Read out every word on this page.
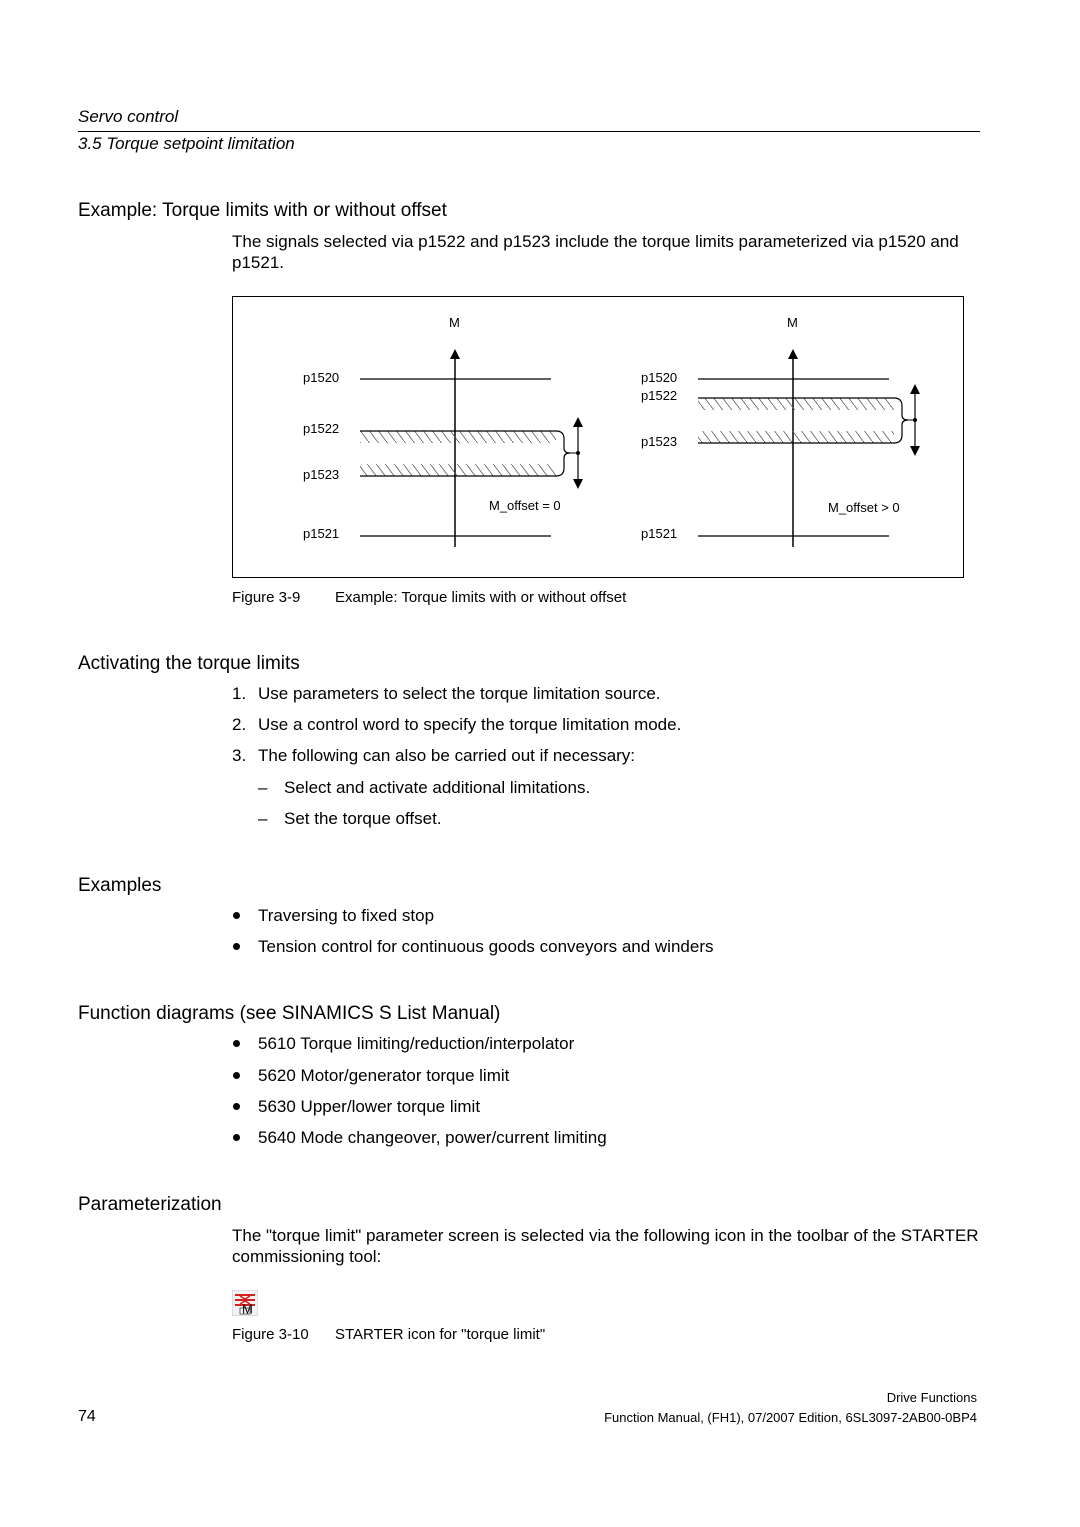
Servo control
3.5 Torque setpoint limitation
Example: Torque limits with or without offset
The signals selected via p1522 and p1523 include the torque limits parameterized via p1520 and p1521.
M
p1520
p1522
p1523
M_offset = 0
p1521
M
p1520
p1522
p1523
M_offset > 0
p1521
Figure 3-9 Example: Torque limits with or without offset
Activating the torque limits
1. Use parameters to select the torque limitation source.
2. Use a control word to specify the torque limitation mode.
3. The following can also be carried out if necessary:
– Select and activate additional limitations.
– Set the torque offset.
Examples
Traversing to fixed stop
Tension control for continuous goods conveyors and winders
Function diagrams (see SINAMICS S List Manual)
5610 Torque limiting/reduction/interpolator
5620 Motor/generator torque limit
5630 Upper/lower torque limit
5640 Mode changeover, power/current limiting
Parameterization
The "torque limit" parameter screen is selected via the following icon in the toolbar of the STARTER commissioning tool:
M
Figure 3-10 STARTER icon for "torque limit"
Drive Functions
74	Function Manual, (FH1), 07/2007 Edition, 6SL3097-2AB00-0BP4
